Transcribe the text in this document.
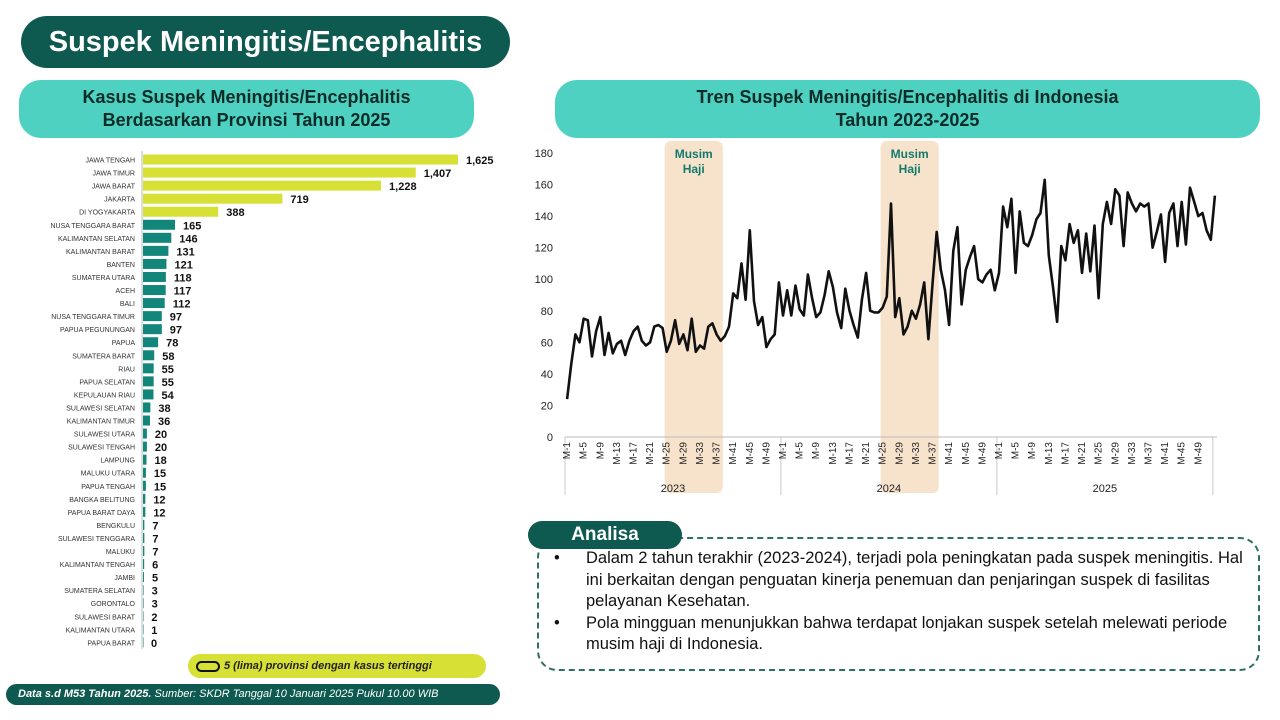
Suspek Meningitis/Encephalitis
Kasus Suspek Meningitis/Encephalitis
Berdasarkan Provinsi Tahun 2025
Tren Suspek Meningitis/Encephalitis di Indonesia
Tahun 2023-2025
JAWA TENGAH	1,625
JAWA TIMUR	1,407
JAWA BARAT	1,228
JAKARTA	719
DI YOGYAKARTA	388
NUSA TENGGARA BARAT	165
KALIMANTAN SELATAN	146
KALIMANTAN BARAT	131
BANTEN	121
SUMATERA UTARA	118
ACEH	117
BALI	112
NUSA TENGGARA TIMUR	97
PAPUA PEGUNUNGAN	97
PAPUA	78
SUMATERA BARAT 58
RIAU 55
PAPUA SELATAN 55
KEPULAUAN RIAU 54
SULAWESI SELATAN 38
KALIMANTAN TIMUR 36
SULAWESI UTARA 20
SULAWESI TENGAH 20
LAMPUNG 18
MALUKU UTARA 15
PAPUA TENGAH 15
BANGKA BELITUNG 12
PAPUA BARAT DAYA 12
BENGKULU 7
SULAWESI TENGGARA 7
MALUKU 7
KALIMANTAN TENGAH 6
JAMBI 5
SUMATERA SELATAN 3
GORONTALO 3
SULAWESI BARAT 2
KALIMANTAN UTARA 1
PAPUA BARAT 0
Musim
Haji
Musim
Haji
0
20
40
60
80
100
120
140
160
180
M-1 M-5 M-9 M-13 M-17 M-21 M-25 M-29 M-33 M-37 M-41 M-45 M-49
2023
M-1 M-5 M-9 M-13 M-17 M-21 M-25 M-29 M-33 M-37 M-41 M-45 M-49
2024
M-1 M-5 M-9 M-13 M-17 M-21 M-25 M-29 M-33 M-37 M-41 M-45 M-49
2025
5 (lima) provinsi dengan kasus tertinggi
Data s.d M53 Tahun 2025. Sumber: SKDR Tanggal 10 Januari 2025 Pukul 10.00 WIB
Analisa
• Dalam 2 tahun terakhir (2023-2024), terjadi pola peningkatan pada suspek meningitis. Hal ini berkaitan dengan penguatan kinerja penemuan dan penjaringan suspek di fasilitas pelayanan Kesehatan.
• Pola mingguan menunjukkan bahwa terdapat lonjakan suspek setelah melewati periode musim haji di Indonesia.
